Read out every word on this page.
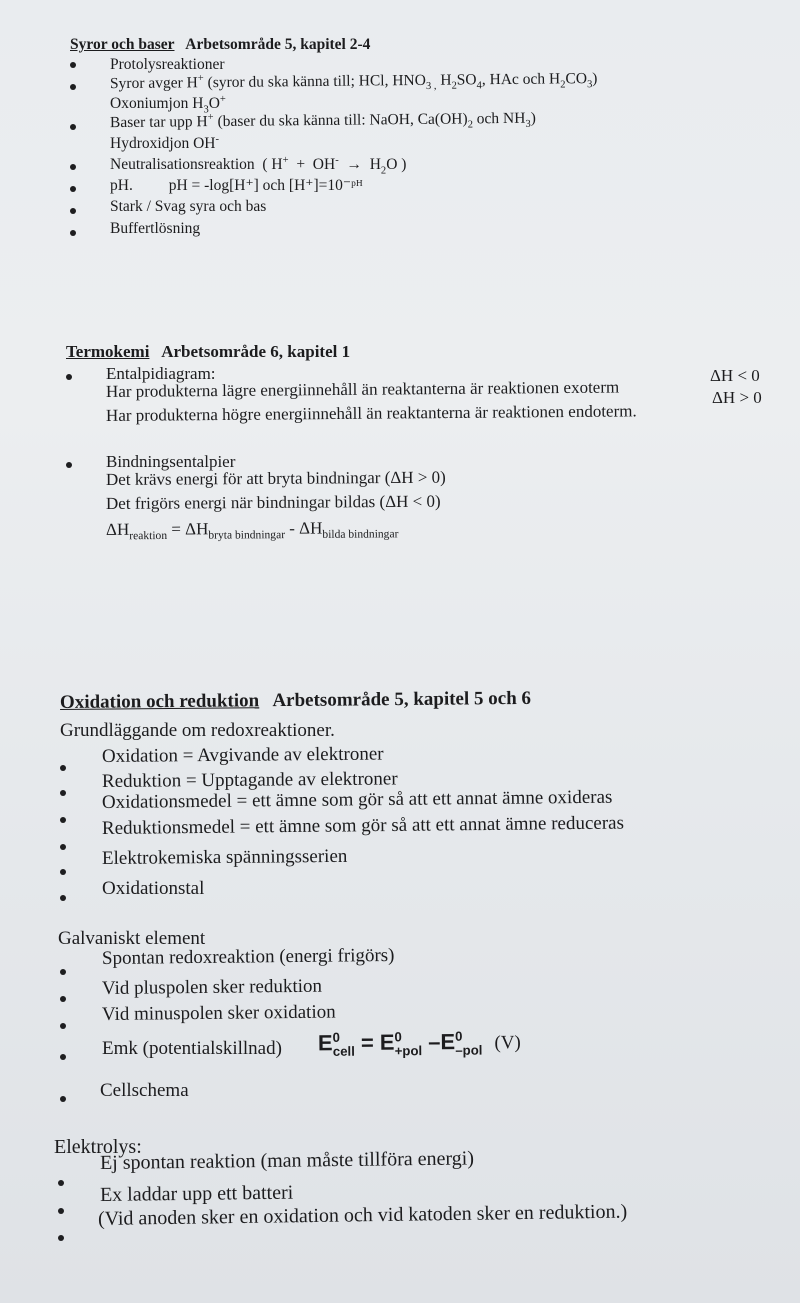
Syror och baser Arbetsområde 5, kapitel 2-4
Protolysreaktioner
Syror avger H+ (syror du ska känna till; HCl, $HNO_{3 ,}$ $H_2SO_4$, HAc och $H_2CO_3$)
Oxoniumjon $H_3O^+$
Baser tar upp H+ (baser du ska känna till: NaOH, $Ca(OH)_2$ och $NH_3$)
Hydroxidjon OH-
Neutralisationsreaktion  ( $H^+ + OH^- \to H_2O$ )
pH. pH = -log[H⁺] och [H⁺]=10⁻ᵖᴴ
Stark / Svag syra och bas
Buffertlösning
Termokemi Arbetsområde 6, kapitel 1
Entalpidiagram:
Har produkterna lägre energiinnehåll än reaktanterna är reaktionen exoterm
ΔH < 0
Har produkterna högre energiinnehåll än reaktanterna är reaktionen endoterm.
ΔH > 0
Bindningsentalpier
Det krävs energi för att bryta bindningar (ΔH > 0)
Det frigörs energi när bindningar bildas (ΔH < 0)
$\Delta H_{reaktion} = \Delta H_{bryta bindningar} - \Delta H_{bilda bindningar}$
Oxidation och reduktion Arbetsområde 5, kapitel 5 och 6
Grundläggande om redoxreaktioner.
Oxidation = Avgivande av elektroner
Reduktion = Upptagande av elektroner
Oxidationsmedel = ett ämne som gör så att ett annat ämne oxideras
Reduktionsmedel = ett ämne som gör så att ett annat ämne reduceras
Elektrokemiska spänningsserien
Oxidationstal
Galvaniskt element
Spontan redoxreaktion (energi frigörs)
Vid pluspolen sker reduktion
Vid minuspolen sker oxidation
Emk (potentialskillnad) $E^0_{cell} = E^0_{+pol}$ $-E^0_{-pol}$ (V)
Cellschema
Elektrolys:
Ej spontan reaktion (man måste tillföra energi)
Ex laddar upp ett batteri
(Vid anoden sker en oxidation och vid katoden sker en reduktion.)
